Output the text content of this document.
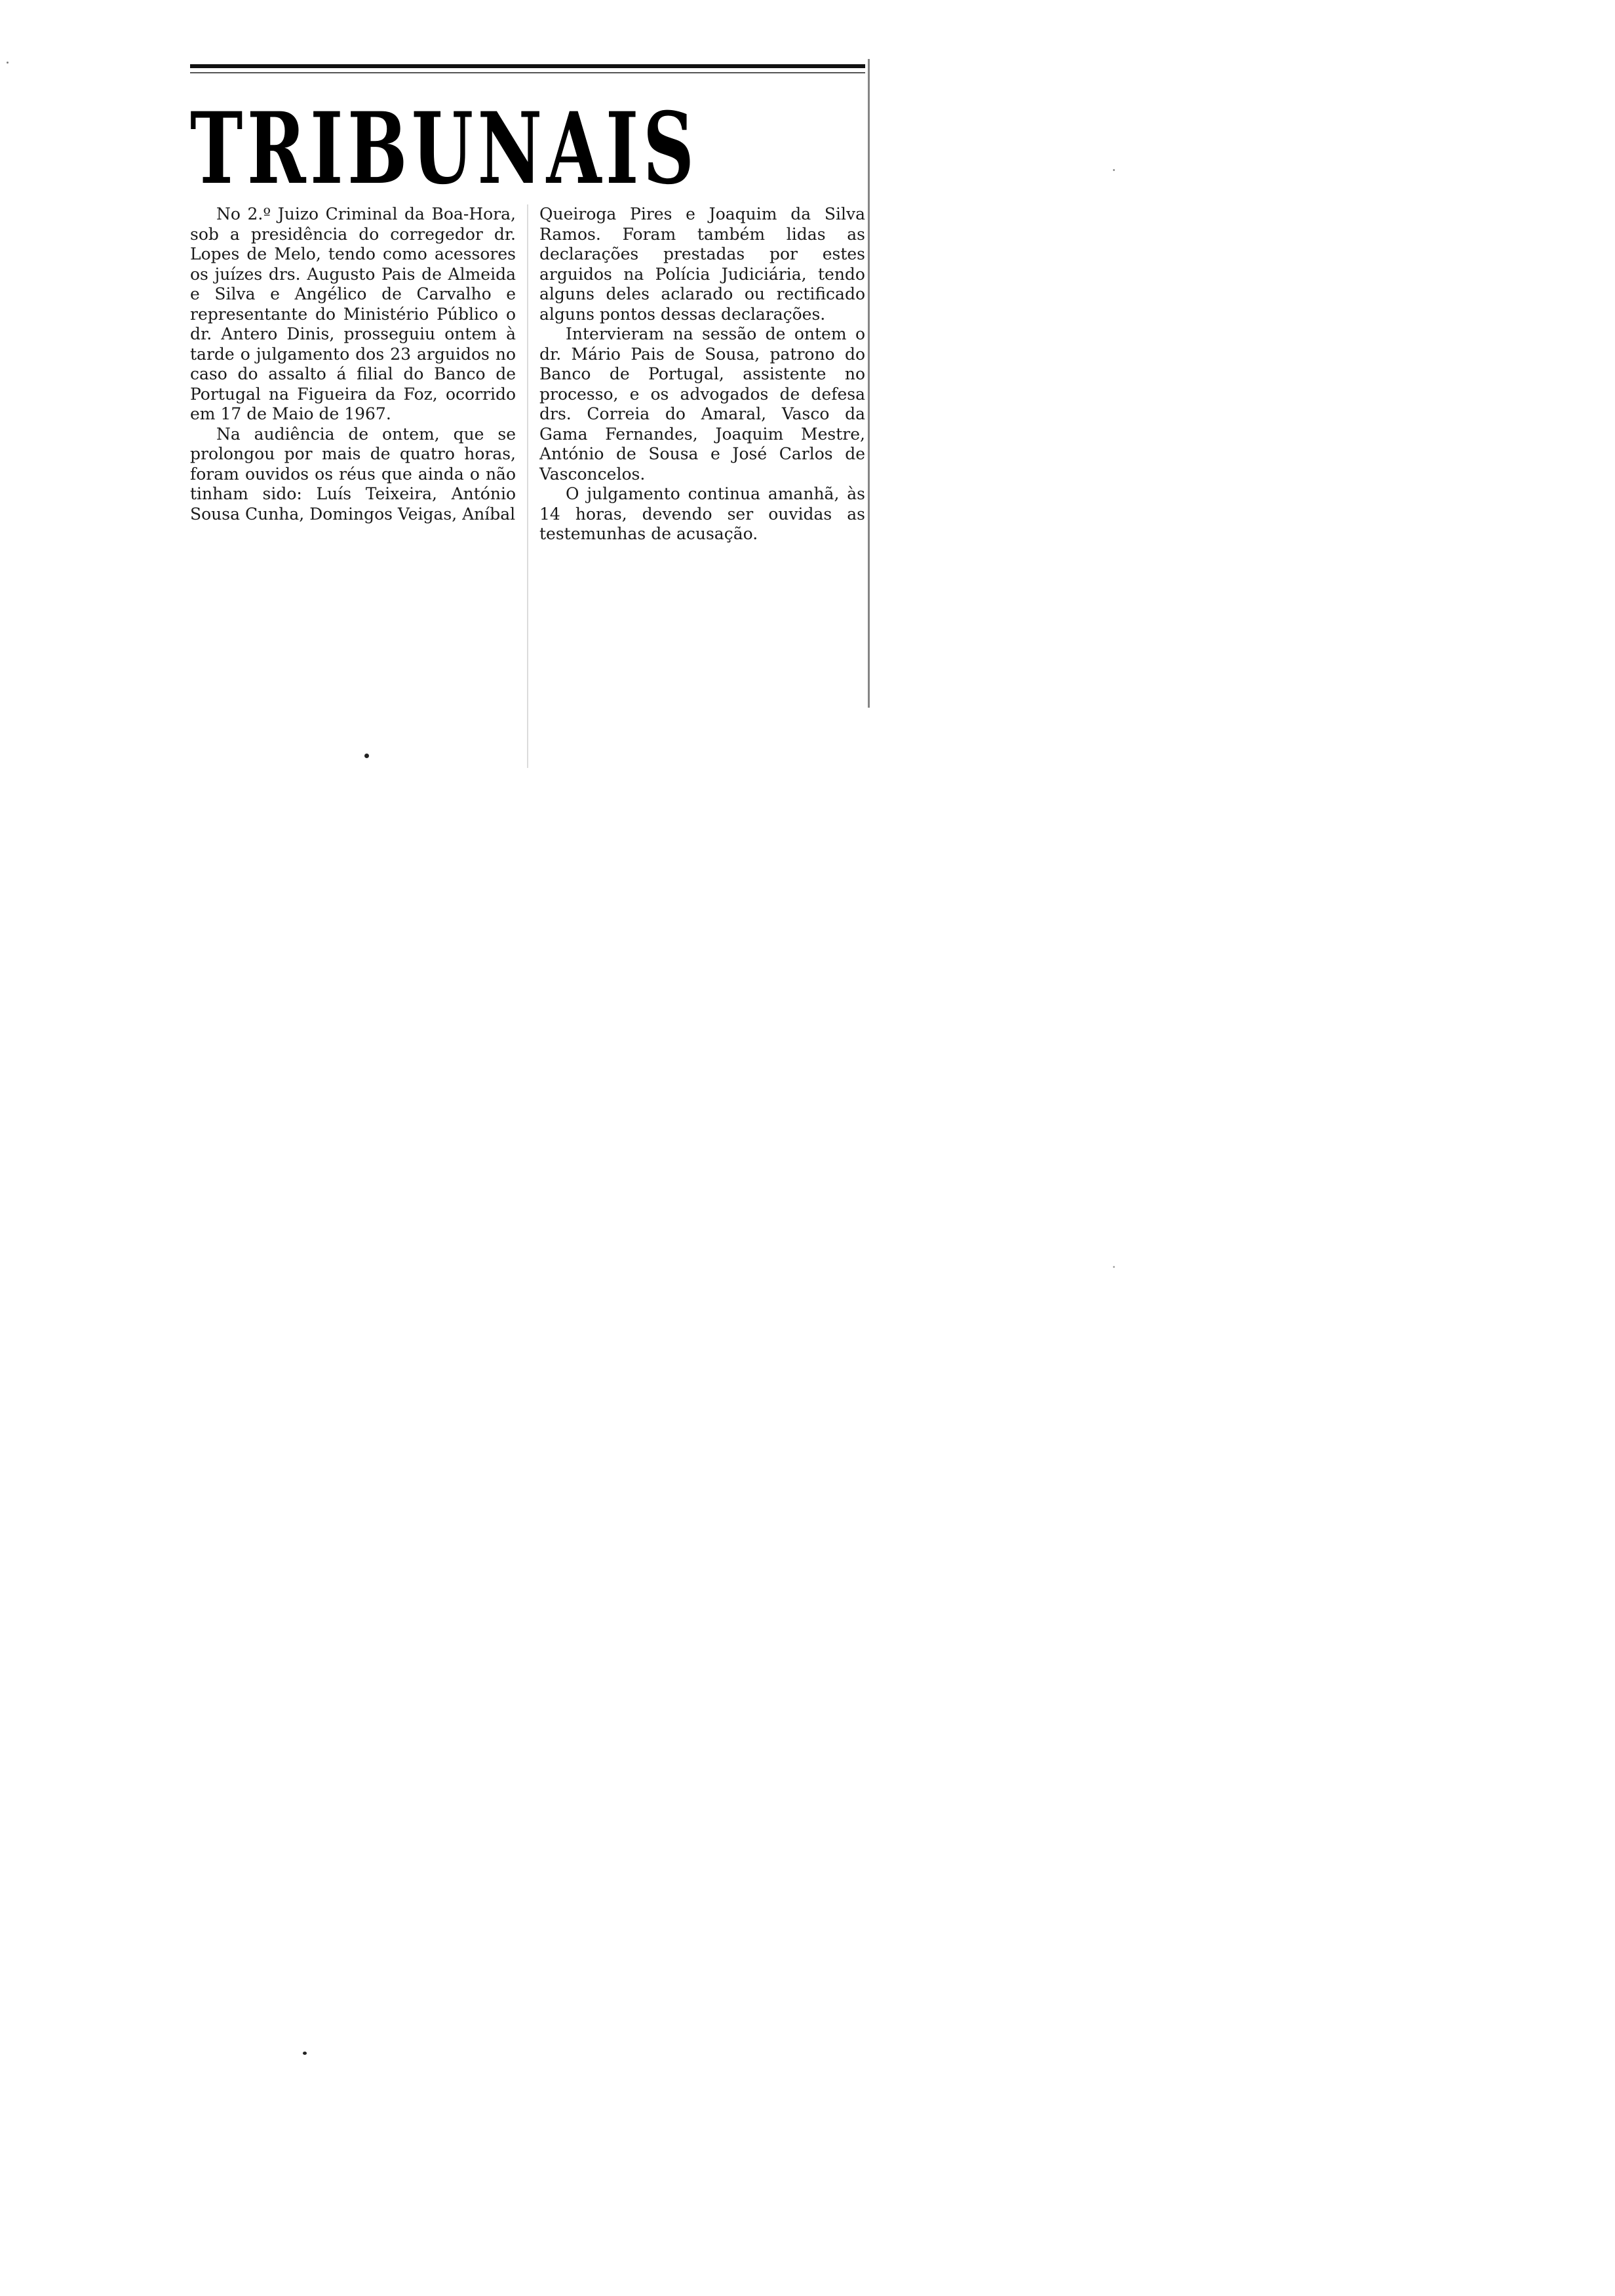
TRIBUNAIS

No 2.º Juizo Criminal da Boa-Hora, sob a presidência do corregedor dr. Lopes de Melo, tendo como acessores os juízes drs. Augusto Pais de Almeida e Silva e Angélico de Carvalho e representante do Ministério Público o dr. Antero Dinis, prosseguiu ontem à tarde o julgamento dos 23 arguidos no caso do assalto á filial do Banco de Portugal na Figueira da Foz, ocorrido em 17 de Maio de 1967.

Na audiência de ontem, que se prolongou por mais de quatro horas, foram ouvidos os réus que ainda o não tinham sido: Luís Teixeira, António Sousa Cunha, Domingos Veigas, Aníbal

Queiroga Pires e Joaquim da Silva Ramos. Foram também lidas as declarações prestadas por estes arguidos na Polícia Judiciária, tendo alguns deles aclarado ou rectificado alguns pontos dessas declarações.

Intervieram na sessão de ontem o dr. Mário Pais de Sousa, patrono do Banco de Portugal, assistente no processo, e os advogados de defesa drs. Correia do Amaral, Vasco da Gama Fernandes, Joaquim Mestre, António de Sousa e José Carlos de Vasconcelos.

O julgamento continua amanhã, às 14 horas, devendo ser ouvidas as testemunhas de acusação.
